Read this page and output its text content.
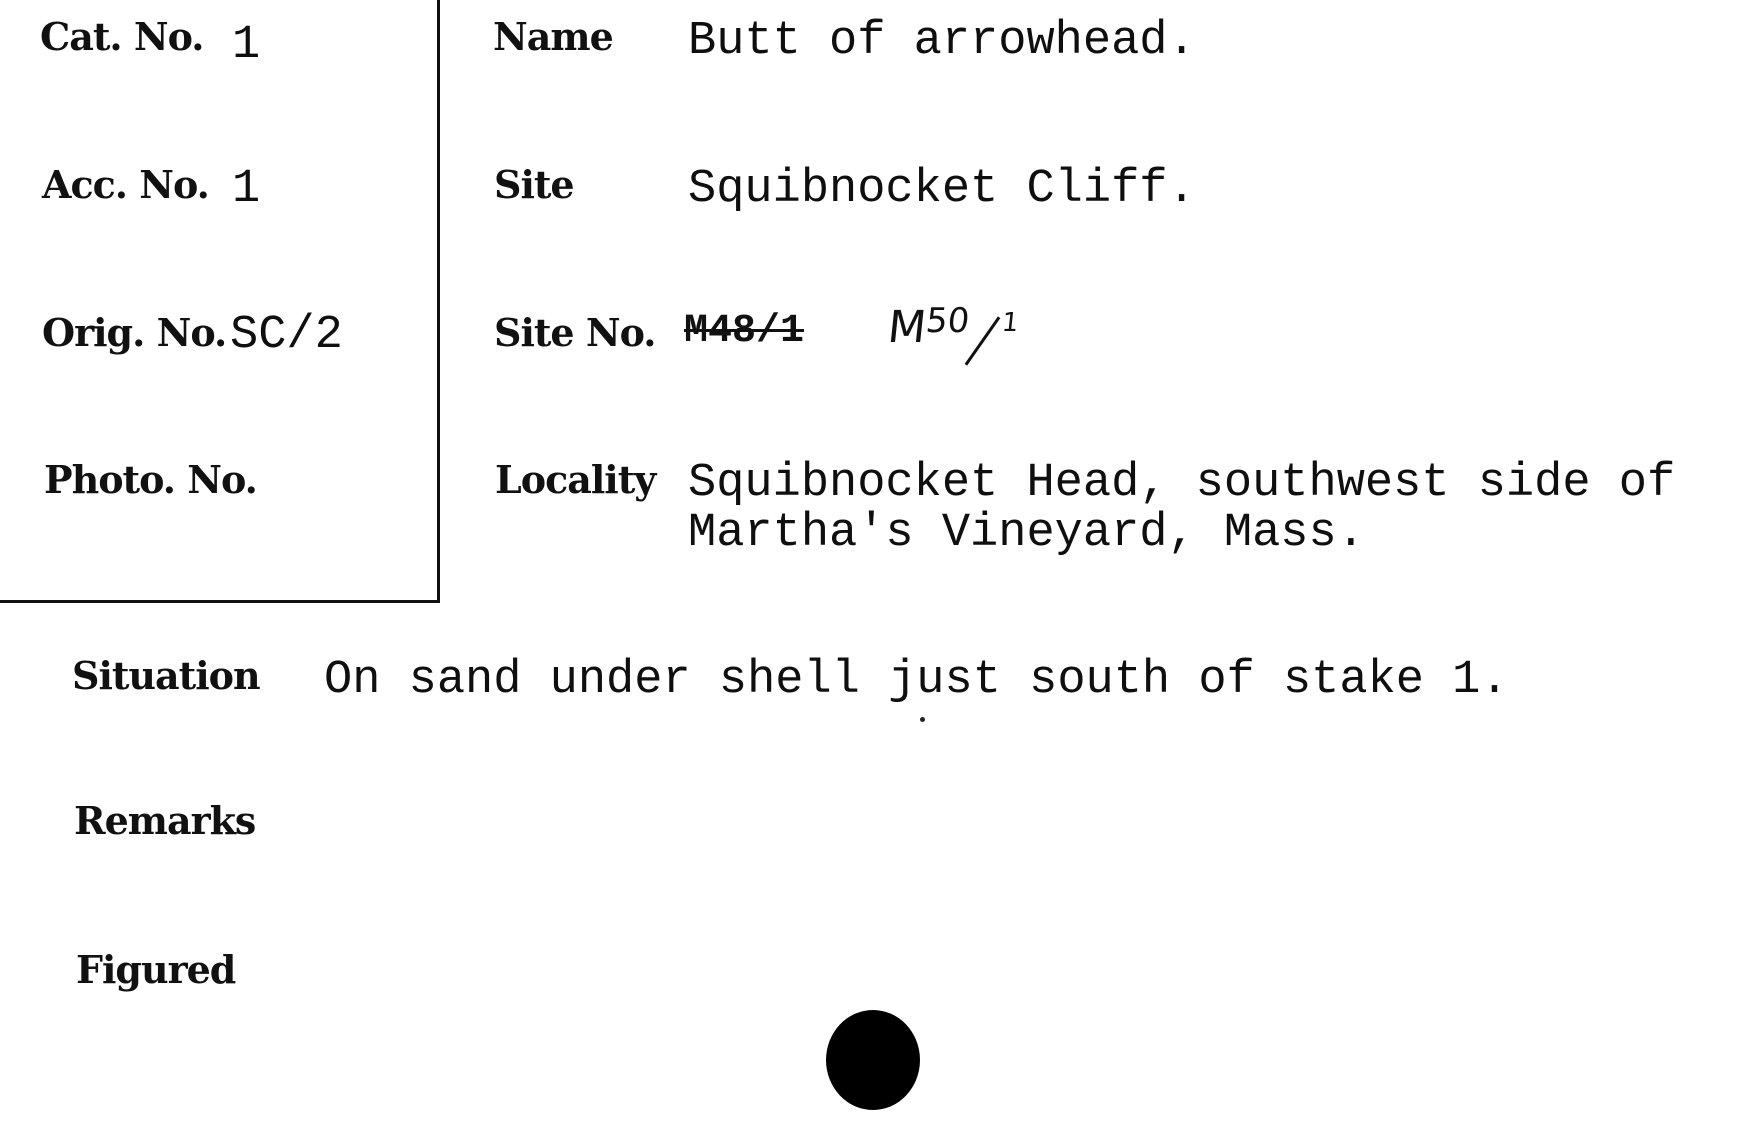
Cat. No. 1
Acc. No. 1
Orig. No. SC/2
Photo. No.
Name Butt of arrowhead.
Site Squibnocket Cliff.
Site No. M48/1 M
50 1
Locality Squibnocket Head, southwest side of
Martha's Vineyard, Mass.
Situation On sand under shell just south of stake 1.
Remarks
Figured
